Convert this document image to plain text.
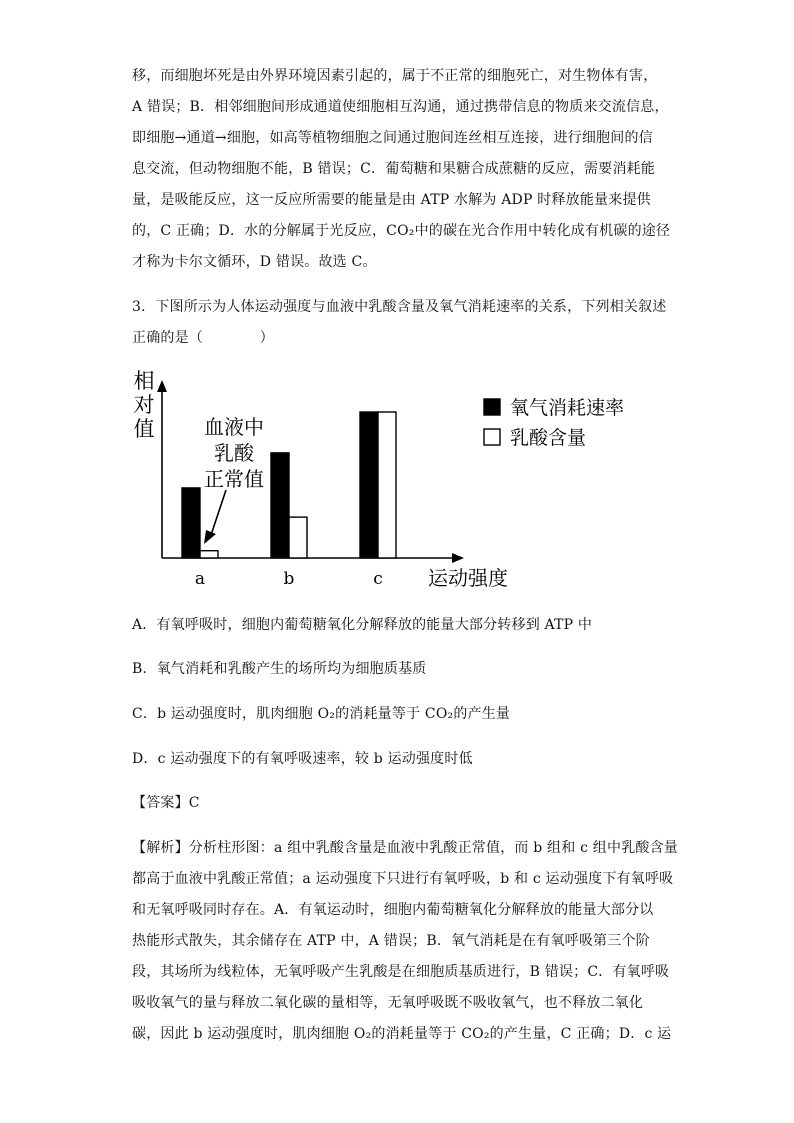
移，而细胞坏死是由外界环境因素引起的，属于不正常的细胞死亡，对生物体有害，
A 错误；B．相邻细胞间形成通道使细胞相互沟通，通过携带信息的物质来交流信息，
即细胞→通道→细胞，如高等植物细胞之间通过胞间连丝相互连接，进行细胞间的信
息交流，但动物细胞不能，B 错误；C．葡萄糖和果糖合成蔗糖的反应，需要消耗能
量，是吸能反应，这一反应所需要的能量是由 ATP 水解为 ADP 时释放能量来提供
的，C 正确；D．水的分解属于光反应，CO₂中的碳在光合作用中转化成有机碳的途径
才称为卡尔文循环，D 错误。故选 C。
3．下图所示为人体运动强度与血液中乳酸含量及氧气消耗速率的关系，下列相关叙述
正确的是（　　　　）
相
对
值
运动强度
a	b	c
血液中
乳酸
正常值
氧气消耗速率
乳酸含量
A．有氧呼吸时，细胞内葡萄糖氧化分解释放的能量大部分转移到 ATP 中
B．氧气消耗和乳酸产生的场所均为细胞质基质
C．b 运动强度时，肌肉细胞 O₂的消耗量等于 CO₂的产生量
D．c 运动强度下的有氧呼吸速率，较 b 运动强度时低
【答案】C
【解析】分析柱形图：a 组中乳酸含量是血液中乳酸正常值，而 b 组和 c 组中乳酸含量
都高于血液中乳酸正常值；a 运动强度下只进行有氧呼吸，b 和 c 运动强度下有氧呼吸
和无氧呼吸同时存在。A．有氧运动时，细胞内葡萄糖氧化分解释放的能量大部分以
热能形式散失，其余储存在 ATP 中，A 错误；B．氧气消耗是在有氧呼吸第三个阶
段，其场所为线粒体，无氧呼吸产生乳酸是在细胞质基质进行，B 错误；C．有氧呼吸
吸收氧气的量与释放二氧化碳的量相等，无氧呼吸既不吸收氧气，也不释放二氧化
碳，因此 b 运动强度时，肌肉细胞 O₂的消耗量等于 CO₂的产生量，C 正确；D．c 运
